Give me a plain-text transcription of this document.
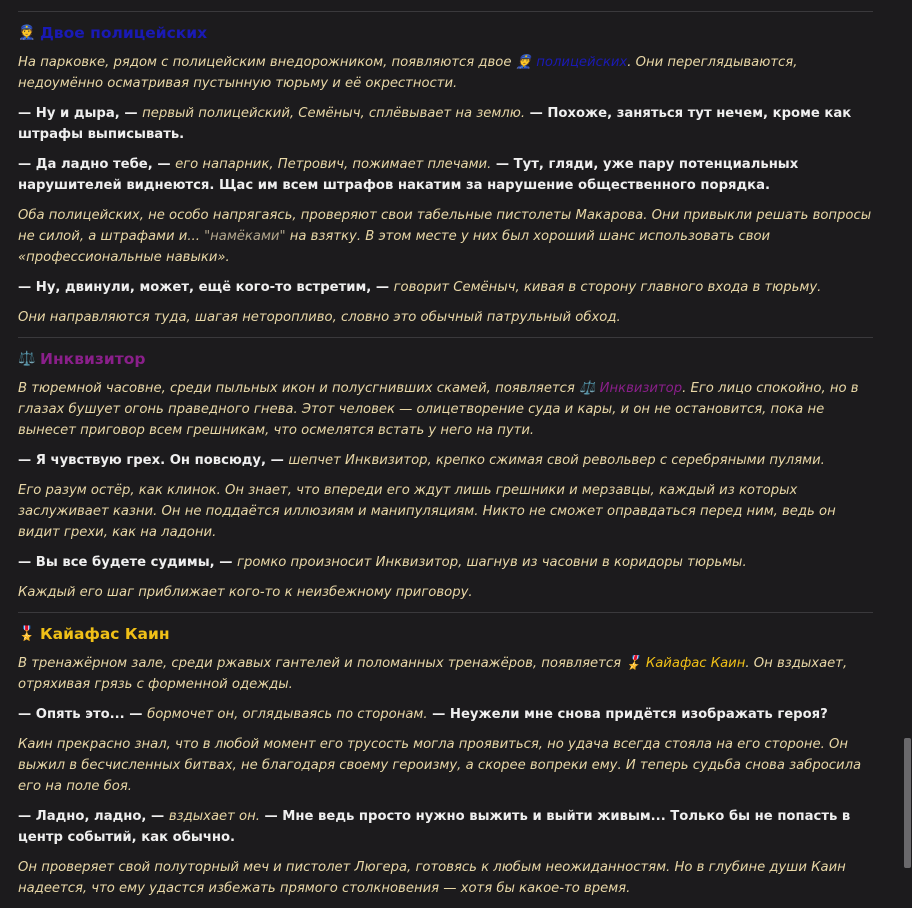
👮 Двое полицейских

На парковке, рядом с полицейским внедорожником, появляются двое 👮 полицейских. Они переглядываются, недоумённо осматривая пустынную тюрьму и её окрестности.

— Ну и дыра, — первый полицейский, Семёныч, сплёвывает на землю. — Похоже, заняться тут нечем, кроме как штрафы выписывать.

— Да ладно тебе, — его напарник, Петрович, пожимает плечами. — Тут, гляди, уже пару потенциальных нарушителей виднеются. Щас им всем штрафов накатим за нарушение общественного порядка.

Оба полицейских, не особо напрягаясь, проверяют свои табельные пистолеты Макарова. Они привыкли решать вопросы не силой, а штрафами и... "намёками" на взятку. В этом месте у них был хороший шанс использовать свои «профессиональные навыки».

— Ну, двинули, может, ещё кого-то встретим, — говорит Семёныч, кивая в сторону главного входа в тюрьму.

Они направляются туда, шагая неторопливо, словно это обычный патрульный обход.

⚖️ Инквизитор

В тюремной часовне, среди пыльных икон и полусгнивших скамей, появляется ⚖️ Инквизитор. Его лицо спокойно, но в глазах бушует огонь праведного гнева. Этот человек — олицетворение суда и кары, и он не остановится, пока не вынесет приговор всем грешникам, что осмелятся встать у него на пути.

— Я чувствую грех. Он повсюду, — шепчет Инквизитор, крепко сжимая свой револьвер с серебряными пулями.

Его разум остёр, как клинок. Он знает, что впереди его ждут лишь грешники и мерзавцы, каждый из которых заслуживает казни. Он не поддаётся иллюзиям и манипуляциям. Никто не сможет оправдаться перед ним, ведь он видит грехи, как на ладони.

— Вы все будете судимы, — громко произносит Инквизитор, шагнув из часовни в коридоры тюрьмы.

Каждый его шаг приближает кого-то к неизбежному приговору.

🎖️ Кайафас Каин

В тренажёрном зале, среди ржавых гантелей и поломанных тренажёров, появляется 🎖️ Кайафас Каин. Он вздыхает, отряхивая грязь с форменной одежды.

— Опять это... — бормочет он, оглядываясь по сторонам. — Неужели мне снова придётся изображать героя?

Каин прекрасно знал, что в любой момент его трусость могла проявиться, но удача всегда стояла на его стороне. Он выжил в бесчисленных битвах, не благодаря своему героизму, а скорее вопреки ему. И теперь судьба снова забросила его на поле боя.

— Ладно, ладно, — вздыхает он. — Мне ведь просто нужно выжить и выйти живым... Только бы не попасть в центр событий, как обычно.

Он проверяет свой полуторный меч и пистолет Люгера, готовясь к любым неожиданностям. Но в глубине души Каин надеется, что ему удастся избежать прямого столкновения — хотя бы какое-то время.
